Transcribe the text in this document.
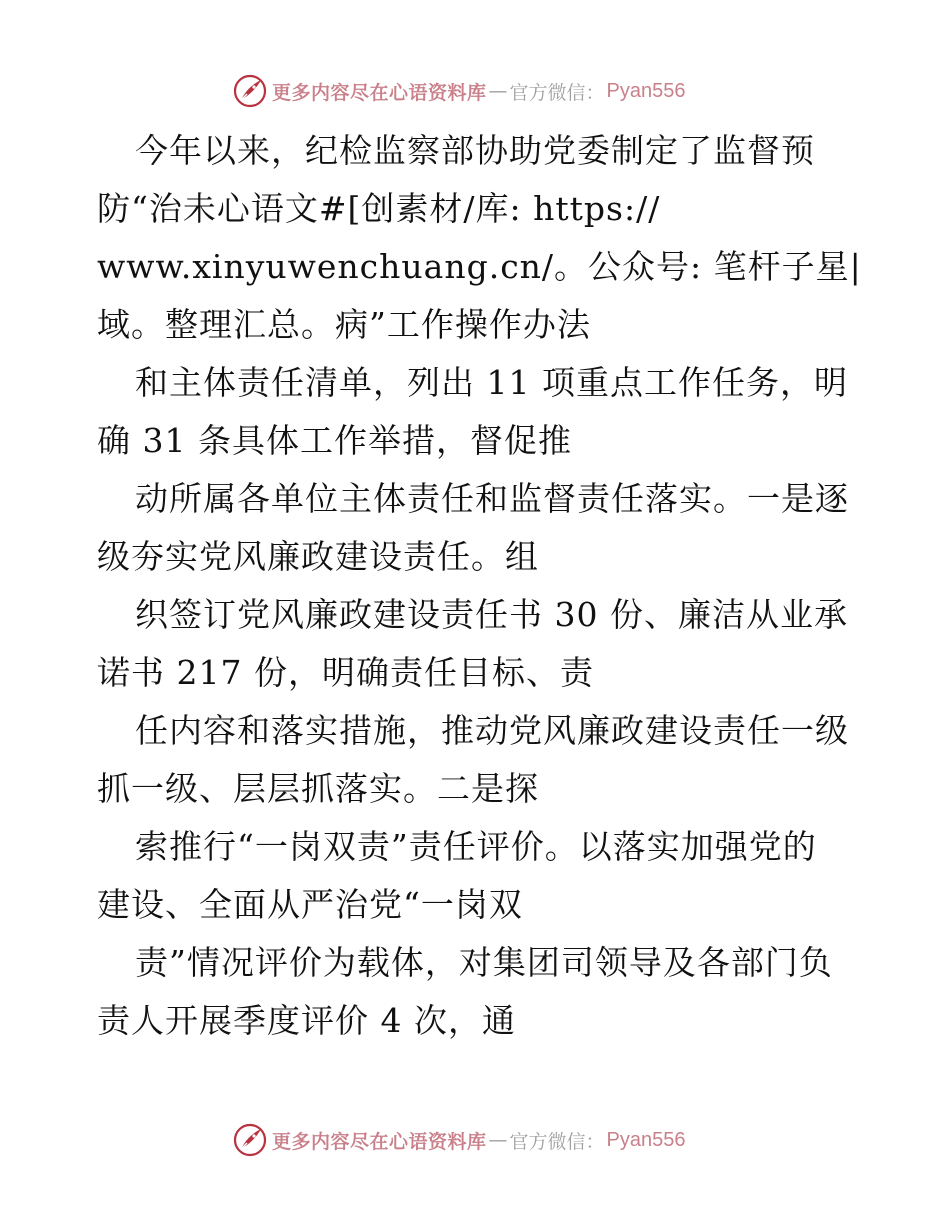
更多内容尽在心语资料库 — 官方微信： Pyan556
今年以来，纪检监察部协助党委制定了监督预
防“治未心语文#[创素材/库: https://
www.xinyuwenchuang.cn/。公众号: 笔杆子星|
域。整理汇总。病”工作操作办法
和主体责任清单，列出 11 项重点工作任务，明
确 31 条具体工作举措，督促推
动所属各单位主体责任和监督责任落实。一是逐
级夯实党风廉政建设责任。组
织签订党风廉政建设责任书 30 份、廉洁从业承
诺书 217 份，明确责任目标、责
任内容和落实措施，推动党风廉政建设责任一级
抓一级、层层抓落实。二是探
索推行“一岗双责”责任评价。以落实加强党的
建设、全面从严治党“一岗双
责”情况评价为载体，对集团司领导及各部门负
责人开展季度评价 4 次，通
更多内容尽在心语资料库 — 官方微信： Pyan556
